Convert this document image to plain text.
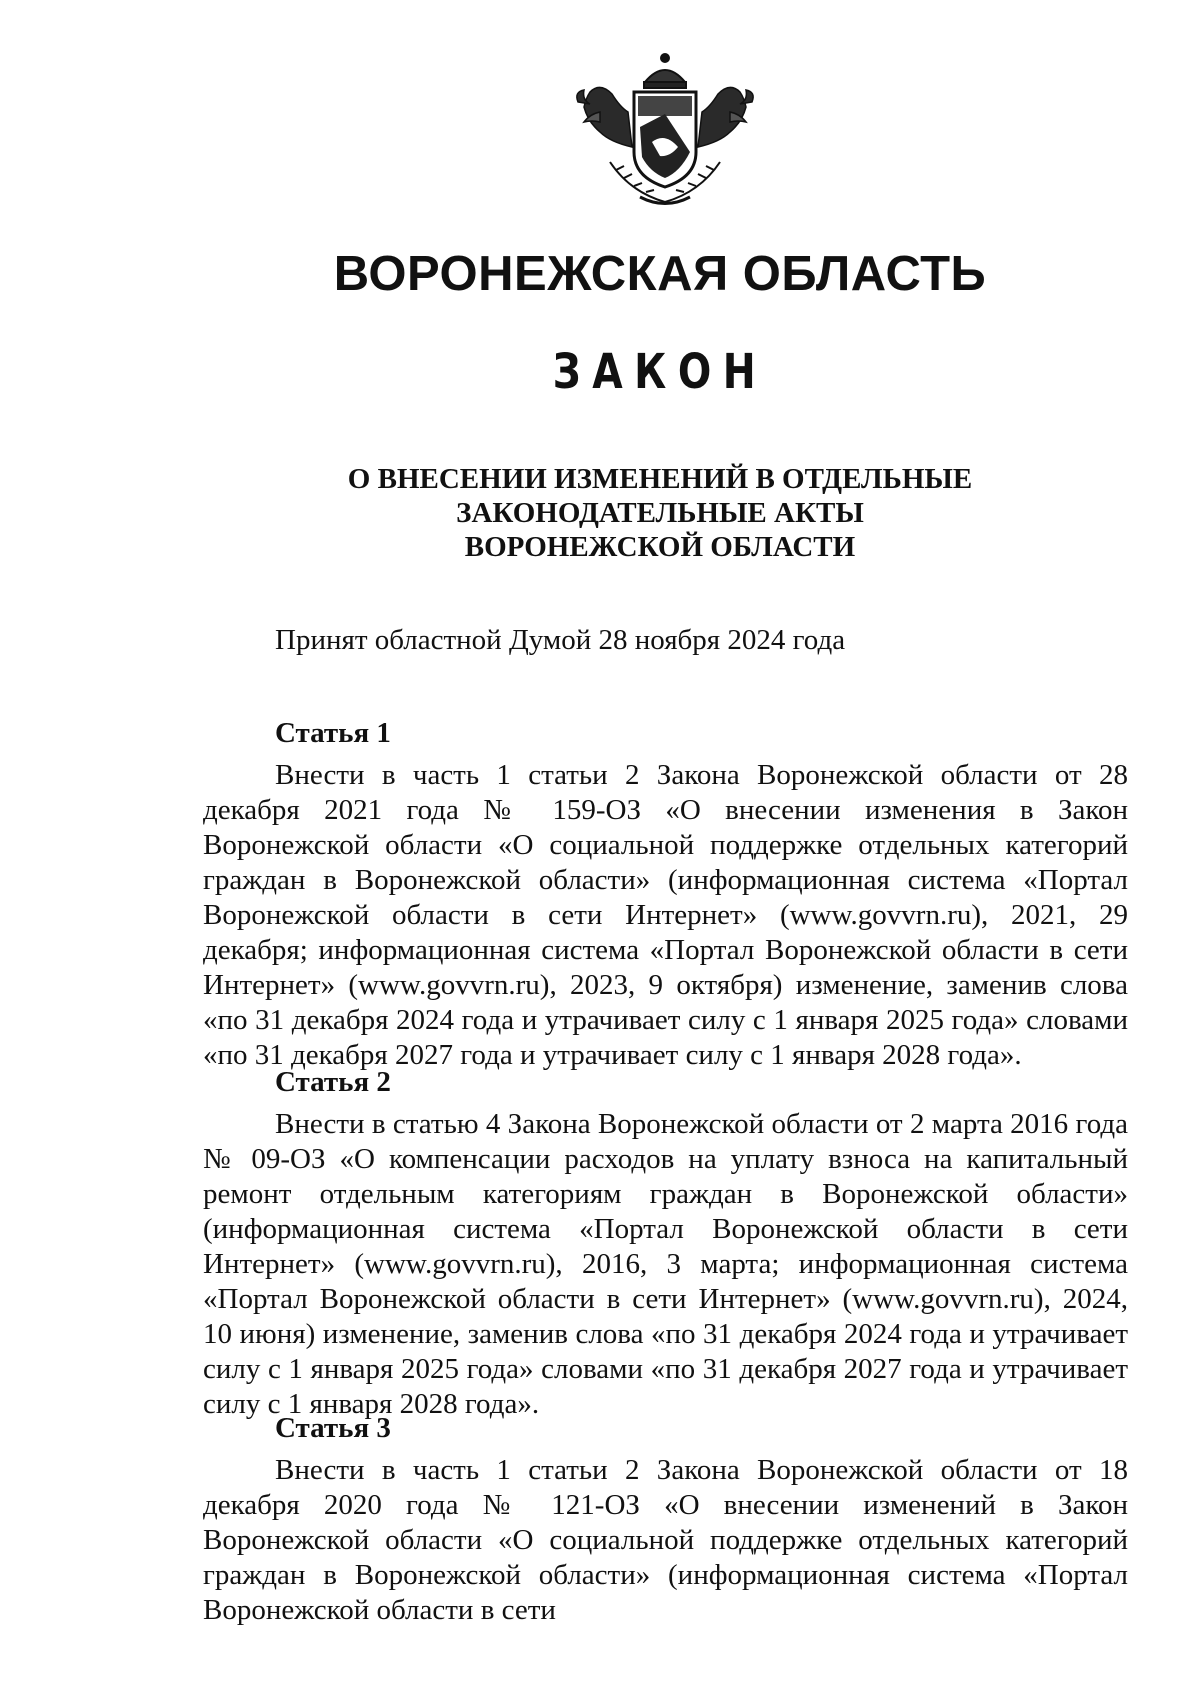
ВОРОНЕЖСКАЯ ОБЛАСТЬ
ЗАКОН
О ВНЕСЕНИИ ИЗМЕНЕНИЙ В ОТДЕЛЬНЫЕ
ЗАКОНОДАТЕЛЬНЫЕ АКТЫ
ВОРОНЕЖСКОЙ ОБЛАСТИ

Принят областной Думой 28 ноября 2024 года

Статья 1

Внести в часть 1 статьи 2 Закона Воронежской области от 28 декабря 2021 года № 159-ОЗ «О внесении изменения в Закон Воронежской области «О социальной поддержке отдельных категорий граждан в Воронежской области» (информационная система «Портал Воронежской области в сети Интернет» (www.govvrn.ru), 2021, 29 декабря; информационная система «Портал Воронежской области в сети Интернет» (www.govvrn.ru), 2023, 9 октября) изменение, заменив слова «по 31 декабря 2024 года и утрачивает силу с 1 января 2025 года» словами «по 31 декабря 2027 года и утрачивает силу с 1 января 2028 года».

Статья 2

Внести в статью 4 Закона Воронежской области от 2 марта 2016 года № 09-ОЗ «О компенсации расходов на уплату взноса на капитальный ремонт отдельным категориям граждан в Воронежской области» (информационная система «Портал Воронежской области в сети Интернет» (www.govvrn.ru), 2016, 3 марта; информационная система «Портал Воронежской области в сети Интернет» (www.govvrn.ru), 2024, 10 июня) изменение, заменив слова «по 31 декабря 2024 года и утрачивает силу с 1 января 2025 года» словами «по 31 декабря 2027 года и утрачивает силу с 1 января 2028 года».

Статья 3

Внести в часть 1 статьи 2 Закона Воронежской области от 18 декабря 2020 года № 121-ОЗ «О внесении изменений в Закон Воронежской области «О социальной поддержке отдельных категорий граждан в Воронежской области» (информационная система «Портал Воронежской области в сети
